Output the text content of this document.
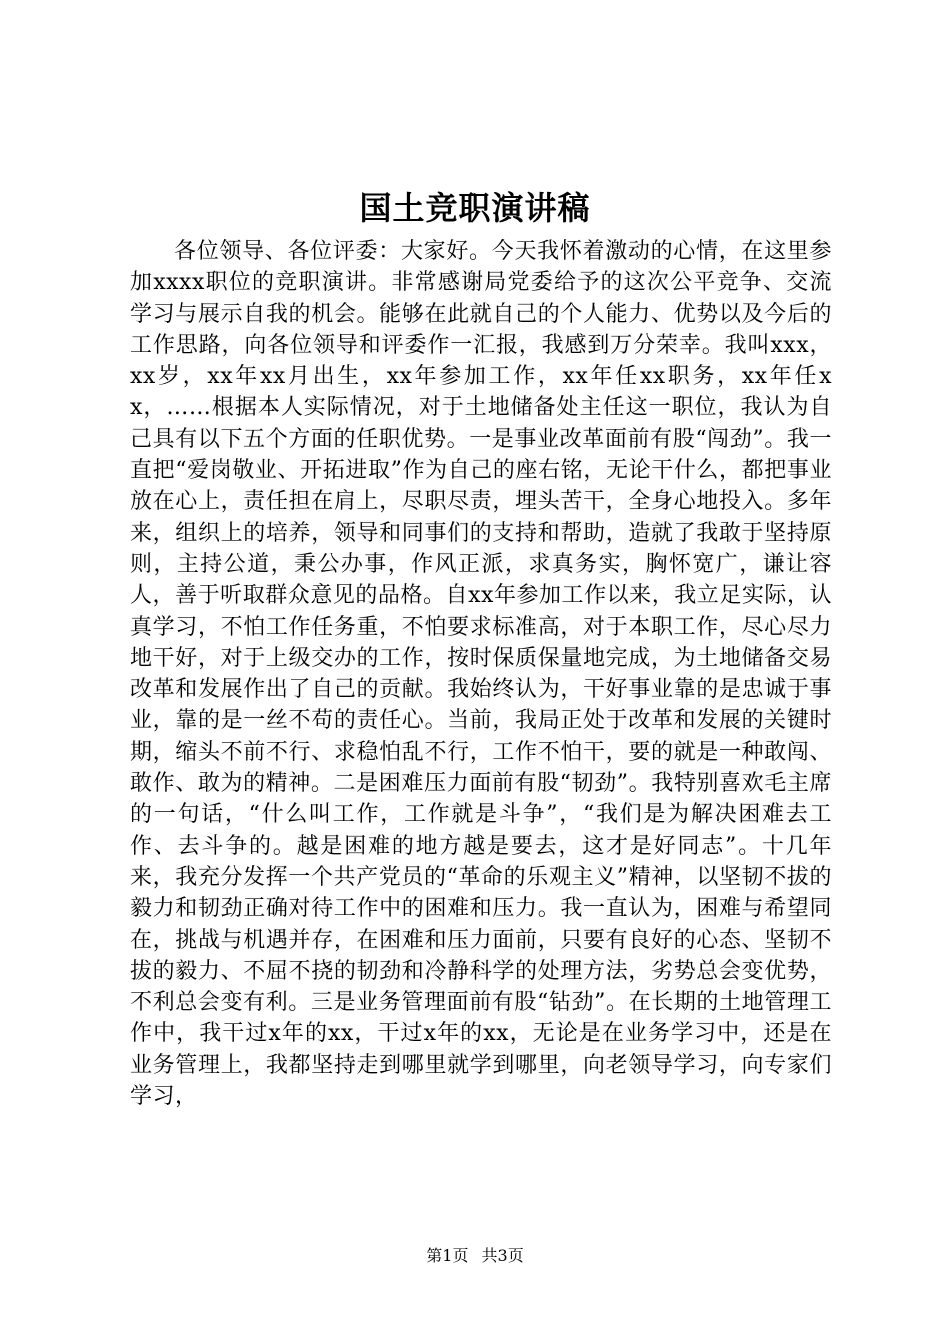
国土竞职演讲稿

各位领导、各位评委：大家好。今天我怀着激动的心情，在这里参加xxxx职位的竞职演讲。非常感谢局党委给予的这次公平竞争、交流学习与展示自我的机会。能够在此就自己的个人能力、优势以及今后的工作思路，向各位领导和评委作一汇报，我感到万分荣幸。我叫xxx，xx岁，xx年xx月出生，xx年参加工作，xx年任xx职务，xx年任xx，……根据本人实际情况，对于土地储备处主任这一职位，我认为自己具有以下五个方面的任职优势。一是事业改革面前有股“闯劲”。我一直把“爱岗敬业、开拓进取”作为自己的座右铭，无论干什么，都把事业放在心上，责任担在肩上，尽职尽责，埋头苦干，全身心地投入。多年来，组织上的培养，领导和同事们的支持和帮助，造就了我敢于坚持原则，主持公道，秉公办事，作风正派，求真务实，胸怀宽广，谦让容人，善于听取群众意见的品格。自xx年参加工作以来，我立足实际，认真学习，不怕工作任务重，不怕要求标准高，对于本职工作，尽心尽力地干好，对于上级交办的工作，按时保质保量地完成，为土地储备交易改革和发展作出了自己的贡献。我始终认为，干好事业靠的是忠诚于事业，靠的是一丝不苟的责任心。当前，我局正处于改革和发展的关键时期，缩头不前不行、求稳怕乱不行，工作不怕干，要的就是一种敢闯、敢作、敢为的精神。二是困难压力面前有股“韧劲”。我特别喜欢毛主席的一句话，“什么叫工作，工作就是斗争”，“我们是为解决困难去工作、去斗争的。越是困难的地方越是要去，这才是好同志”。十几年来，我充分发挥一个共产党员的“革命的乐观主义”精神，以坚韧不拔的毅力和韧劲正确对待工作中的困难和压力。我一直认为，困难与希望同在，挑战与机遇并存，在困难和压力面前，只要有良好的心态、坚韧不拔的毅力、不屈不挠的韧劲和冷静科学的处理方法，劣势总会变优势，不利总会变有利。三是业务管理面前有股“钻劲”。在长期的土地管理工作中，我干过x年的xx，干过x年的xx，无论是在业务学习中，还是在业务管理上，我都坚持走到哪里就学到哪里，向老领导学习，向专家们学习，

第1页 共3页
